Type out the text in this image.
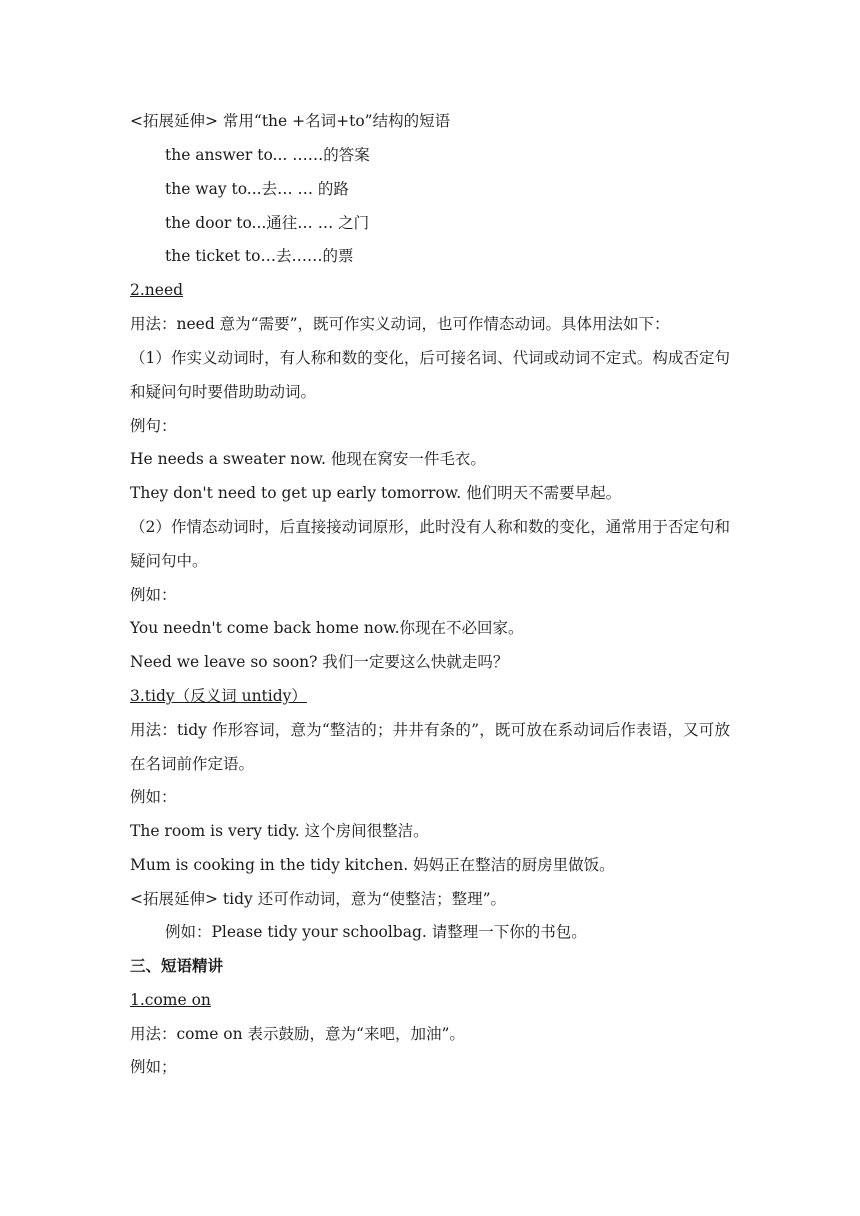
<拓展延伸> 常用“the +名词+to”结构的短语
the answer to... ……的答案
the way to...去… … 的路
the door to...通往… … 之门
the ticket to…去……的票
2.need
用法：need 意为“需要”，既可作实义动词，也可作情态动词。具体用法如下：
（1）作实义动词时，有人称和数的变化，后可接名词、代词或动词不定式。构成否定句和疑问句时要借助助动词。
例句：
He needs a sweater now. 他现在窝安一件毛衣。
They don't need to get up early tomorrow. 他们明天不需要早起。
（2）作情态动词时，后直接接动词原形，此时没有人称和数的变化，通常用于否定句和疑问句中。
例如：
You needn't come back home now.你现在不必回家。
Need we leave so soon? 我们一定要这么快就走吗？
3.tidy（反义词 untidy）
用法：tidy 作形容词，意为“整洁的；井井有条的”，既可放在系动词后作表语，又可放在名词前作定语。
例如：
The room is very tidy. 这个房间很整洁。
Mum is cooking in the tidy kitchen. 妈妈正在整洁的厨房里做饭。
<拓展延伸> tidy 还可作动词，意为“使整洁；整理”。
例如：Please tidy your schoolbag. 请整理一下你的书包。
三、短语精讲
1.come on
用法：come on 表示鼓励，意为“来吧，加油”。
例如；
